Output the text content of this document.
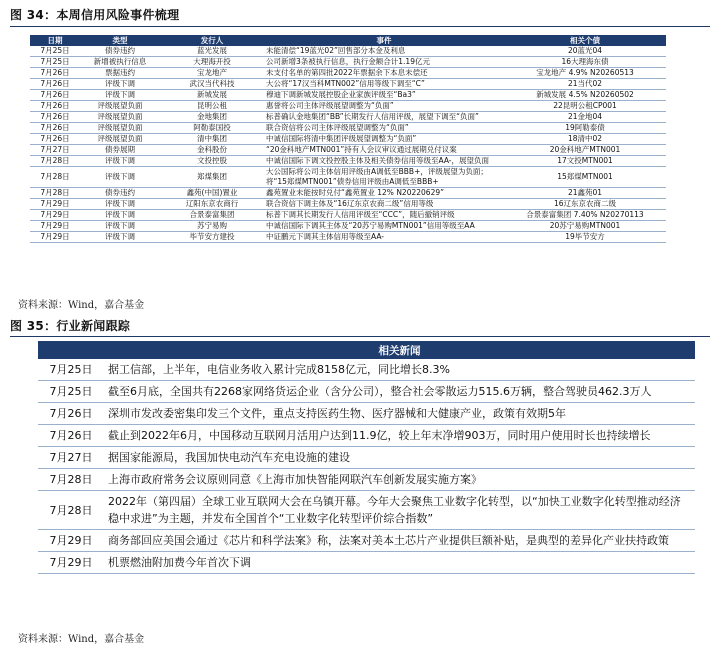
图 34：本周信用风险事件梳理
日期	类型	发行人	事件	相关个债
7月25日	债券违约	蓝光发展	未能清偿“19蓝光02”回售部分本金及利息	20蓝光04
7月25日	新增被执行信息	大理海开投	公司新增3条被执行信息，执行金额合计1.19亿元	16大理海东债
7月26日	票据违约	宝龙地产	未支付名单的第四批2022年票据余下本息未偿还	宝龙地产 4.9% N20260513
7月26日	评级下调	武汉当代科技	大公将“17汉当科MTN002”信用等级下调至“C”	21当代02
7月26日	评级下调	新城发展	穆迪下调新城发展控股企业家族评级至“Ba3”	新城发展 4.5% N20260502
7月26日	评级展望负面	昆明公租	惠誉将公司主体评级展望调整为“负面”	22昆明公租CP001
7月26日	评级展望负面	金地集团	标普确认金地集团“BB”长期发行人信用评级，展望下调至“负面”	21金地04
7月26日	评级展望负面	阿勒泰国投	联合资信将公司主体评级展望调整为“负面”	19阿勒泰债
7月26日	评级展望负面	清中集团	中诚信国际将清中集团评级展望调整为“负面”	18清中02
7月27日	债券展期	金科股份	“20金科地产MTN001”持有人会议审议通过展期兑付议案	20金科地产MTN001
7月28日	评级下调	文投控股	中诚信国际下调文投控股主体及相关债券信用等级至AA-，展望负面	17文投MTN001
7月28日	评级下调	郑煤集团	大公国际将公司主体信用评级由A调低至BBB+，评级展望为负面；将“15郑煤MTN001”债券信用评级由A调低至BBB+	15郑煤MTN001
7月28日	债券违约	鑫苑(中国)置业	鑫苑置业未能按时兑付“鑫苑置业 12% N20220629”	21鑫苑01
7月29日	评级下调	辽阳东京农商行	联合资信下调主体及“16辽东京农商二级”信用等级	16辽东京农商二级
7月29日	评级下调	合景泰富集团	标普下调其长期发行人信用评级至“CCC”，随后撤销评级	合景泰富集团 7.40% N20270113
7月29日	评级下调	苏宁易购	中诚信国际下调其主体及“20苏宁易购MTN001”信用等级至AA	20苏宁易购MTN001
7月29日	评级下调	毕节安方建投	中证鹏元下调其主体信用等级至AA-	19毕节安方
资料来源：Wind，嘉合基金
图 35：行业新闻跟踪
	相关新闻
7月25日	据工信部，上半年，电信业务收入累计完成8158亿元，同比增长8.3%
7月25日	截至6月底，全国共有2268家网络货运企业（含分公司），整合社会零散运力515.6万辆，整合驾驶员462.3万人
7月26日	深圳市发改委密集印发三个文件，重点支持医药生物、医疗器械和大健康产业，政策有效期5年
7月26日	截止到2022年6月，中国移动互联网月活用户达到11.9亿，较上年末净增903万，同时用户使用时长也持续增长
7月27日	据国家能源局，我国加快电动汽车充电设施的建设
7月28日	上海市政府常务会议原则同意《上海市加快智能网联汽车创新发展实施方案》
7月28日	2022年（第四届）全球工业互联网大会在乌镇开幕。今年大会聚焦工业数字化转型，以“加快工业数字化转型推动经济稳中求进”为主题，并发布全国首个“工业数字化转型评价综合指数”
7月29日	商务部回应美国会通过《芯片和科学法案》称，法案对美本土芯片产业提供巨额补贴，是典型的差异化产业扶持政策
7月29日	机票燃油附加费今年首次下调
资料来源：Wind，嘉合基金
